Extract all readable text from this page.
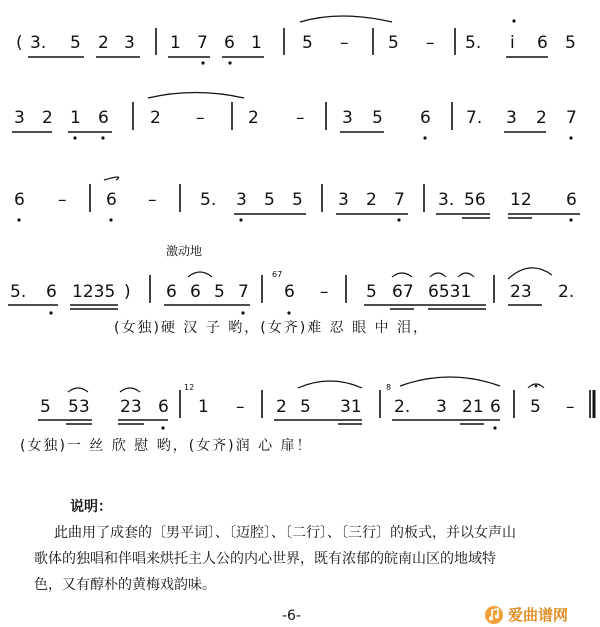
( 3. 5 2 3 1 7 6 1 5 – 5 – 5. i 6 5
3 2 1 6 2 –	2 – 3 5 6 7. 3 2 7
6 – 6 –	5. 3 5 5 3 2 7 3. 56 12 6
激动地
5. 6 1235 ) 6 6 5 7 6 – 5 67 6531 23 2.
67
(女独)硬 汉 子 哟，(女齐)难 忍 眼 中 泪，
5 53 23 6 1 – 2 5 31 2. 3 21 6 5 –
12	8
(女独)一 丝 欣 慰 哟，(女齐)润 心 扉！
说明：
此曲用了成套的〔男平词〕、〔迈腔〕、〔二行〕、〔三行〕的板式，并以女声山
歌体的独唱和伴唱来烘托主人公的内心世界，既有浓郁的皖南山区的地域特
色，又有醇朴的黄梅戏韵味。
-6-	爱曲谱网
